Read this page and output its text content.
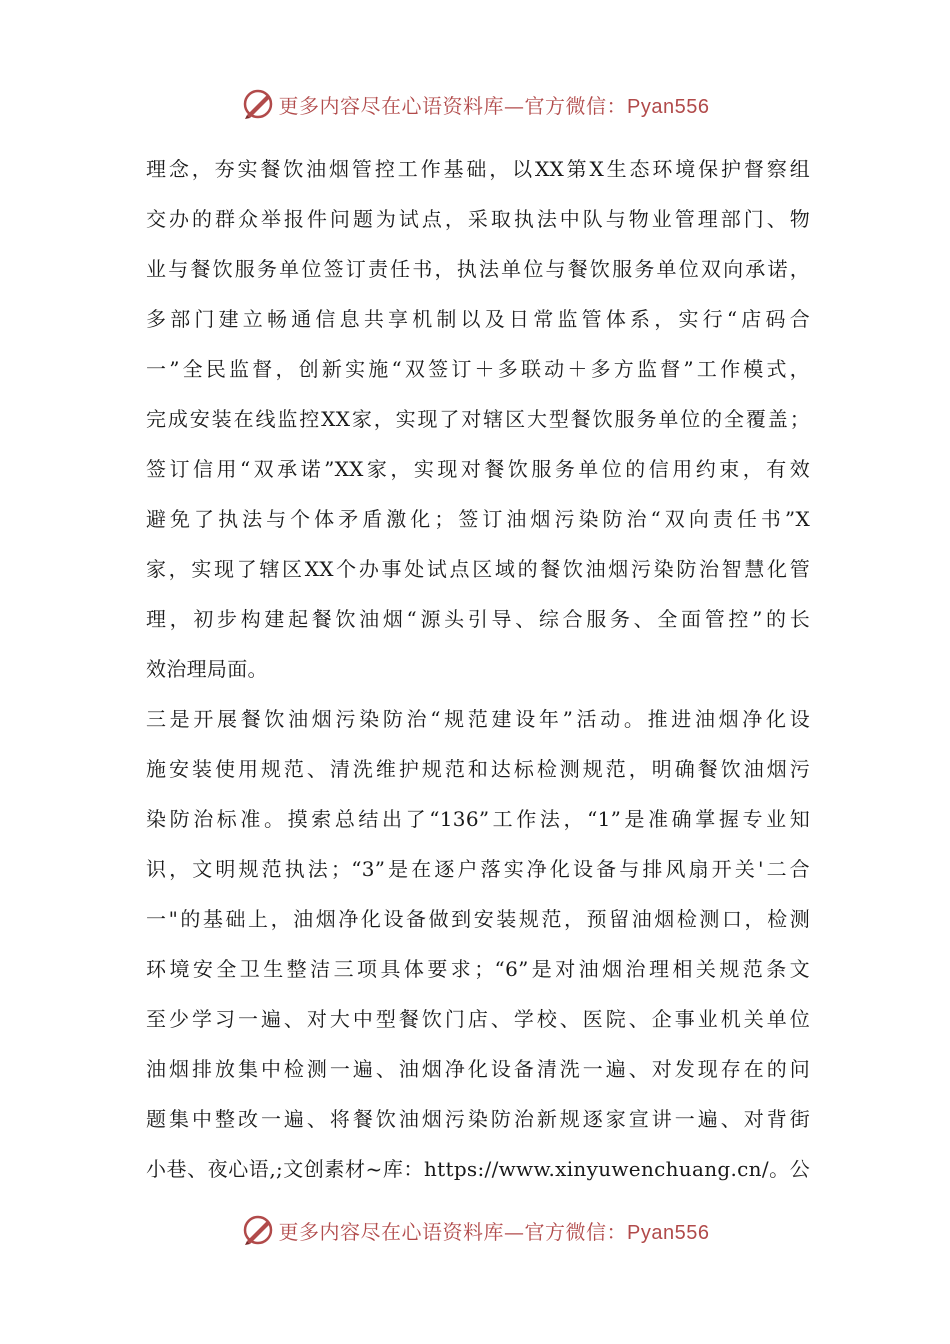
更多内容尽在心语资料库—官方微信：Pyan556
理念，夯实餐饮油烟管控工作基础，以XX第X生态环境保护督察组
交办的群众举报件问题为试点，采取执法中队与物业管理部门、物
业与餐饮服务单位签订责任书，执法单位与餐饮服务单位双向承诺，
多部门建立畅通信息共享机制以及日常监管体系，实行“店码合
一”全民监督，创新实施“双签订＋多联动＋多方监督”工作模式，
完成安装在线监控XX家，实现了对辖区大型餐饮服务单位的全覆盖；
签订信用“双承诺”XX家，实现对餐饮服务单位的信用约束，有效
避免了执法与个体矛盾激化；签订油烟污染防治“双向责任书”X
家，实现了辖区XX个办事处试点区域的餐饮油烟污染防治智慧化管
理，初步构建起餐饮油烟“源头引导、综合服务、全面管控”的长
效治理局面。
三是开展餐饮油烟污染防治“规范建设年”活动。推进油烟净化设
施安装使用规范、清洗维护规范和达标检测规范，明确餐饮油烟污
染防治标准。摸索总结出了“136”工作法，“1”是准确掌握专业知
识，文明规范执法；“3”是在逐户落实净化设备与排风扇开关'二合
一"的基础上，油烟净化设备做到安装规范，预留油烟检测口，检测
环境安全卫生整洁三项具体要求；“6”是对油烟治理相关规范条文
至少学习一遍、对大中型餐饮门店、学校、医院、企事业机关单位
油烟排放集中检测一遍、油烟净化设备清洗一遍、对发现存在的问
题集中整改一遍、将餐饮油烟污染防治新规逐家宣讲一遍、对背街
小巷、夜心语,;文创素材~库：https://www.xinyuwenchuang.cn/。公
更多内容尽在心语资料库—官方微信：Pyan556
